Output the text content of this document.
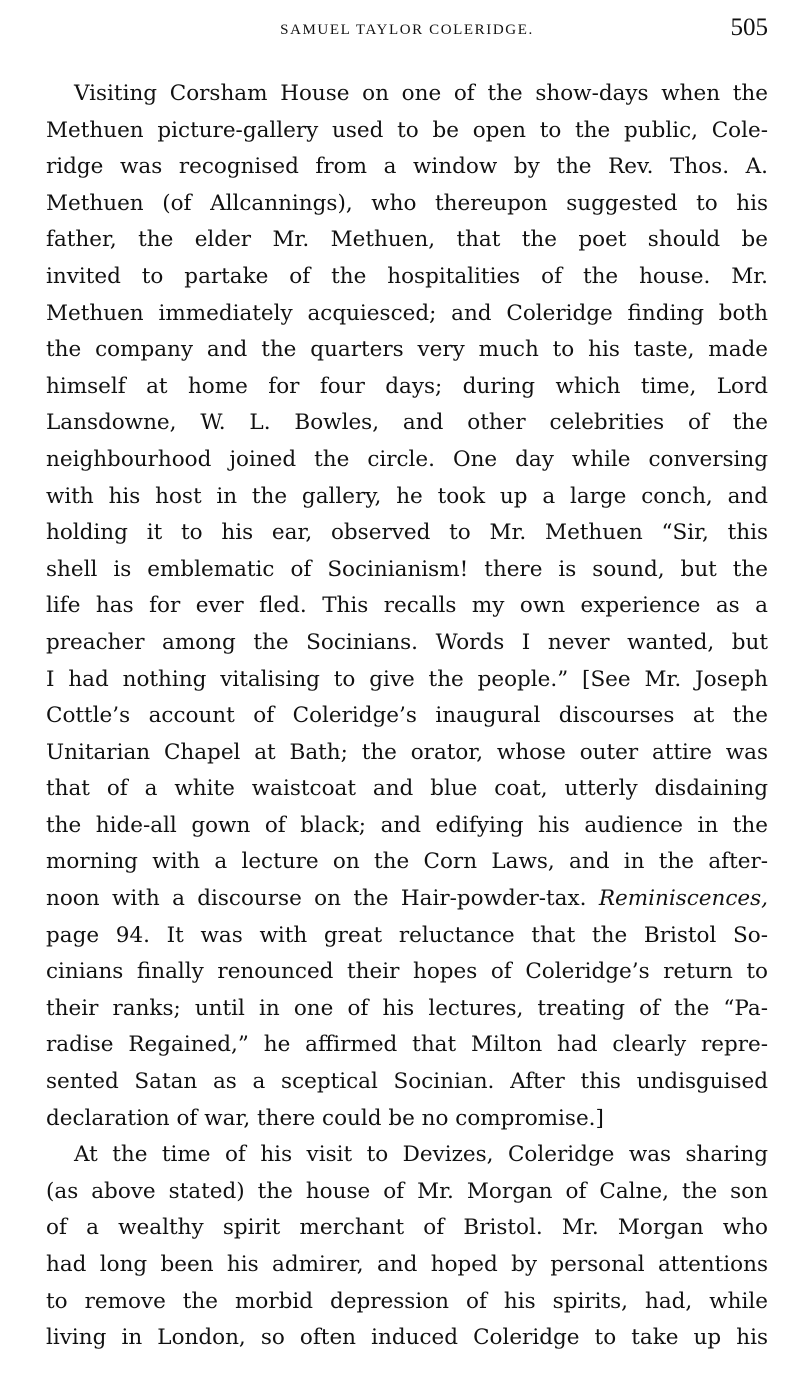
SAMUEL TAYLOR COLERIDGE.	505

Visiting Corsham House on one of the show-days when the
Methuen picture-gallery used to be open to the public, Cole-
ridge was recognised from a window by the Rev. Thos. A.
Methuen (of Allcannings), who thereupon suggested to his
father, the elder Mr. Methuen, that the poet should be
invited to partake of the hospitalities of the house. Mr.
Methuen immediately acquiesced; and Coleridge finding both
the company and the quarters very much to his taste, made
himself at home for four days; during which time, Lord
Lansdowne, W. L. Bowles, and other celebrities of the
neighbourhood joined the circle. One day while conversing
with his host in the gallery, he took up a large conch, and
holding it to his ear, observed to Mr. Methuen “Sir, this
shell is emblematic of Socinianism! there is sound, but the
life has for ever fled. This recalls my own experience as a
preacher among the Socinians. Words I never wanted, but
I had nothing vitalising to give the people.” [See Mr. Joseph
Cottle’s account of Coleridge’s inaugural discourses at the
Unitarian Chapel at Bath; the orator, whose outer attire was
that of a white waistcoat and blue coat, utterly disdaining
the hide-all gown of black; and edifying his audience in the
morning with a lecture on the Corn Laws, and in the after-
noon with a discourse on the Hair-powder-tax. Reminiscences,
page 94. It was with great reluctance that the Bristol So-
cinians finally renounced their hopes of Coleridge’s return to
their ranks; until in one of his lectures, treating of the “Pa-
radise Regained,” he affirmed that Milton had clearly repre-
sented Satan as a sceptical Socinian. After this undisguised
declaration of war, there could be no compromise.]

At the time of his visit to Devizes, Coleridge was sharing
(as above stated) the house of Mr. Morgan of Calne, the son
of a wealthy spirit merchant of Bristol. Mr. Morgan who
had long been his admirer, and hoped by personal attentions
to remove the morbid depression of his spirits, had, while
living in London, so often induced Coleridge to take up his
